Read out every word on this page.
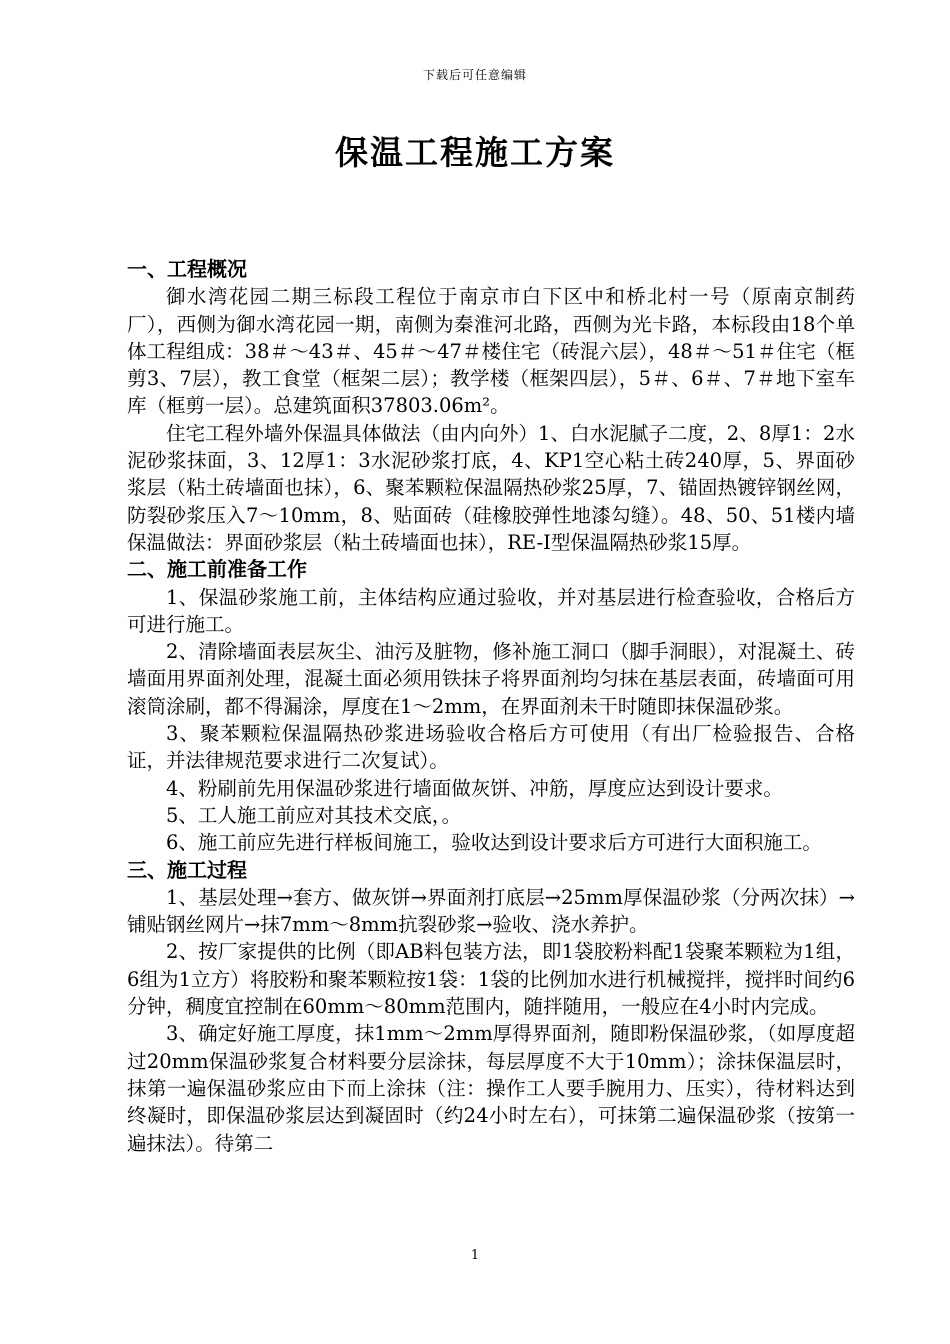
下载后可任意编辑
保温工程施工方案
一、工程概况

御水湾花园二期三标段工程位于南京市白下区中和桥北村一号（原南京制药厂），西侧为御水湾花园一期，南侧为秦淮河北路，西侧为光卡路，本标段由18个单体工程组成：38＃～43＃、45＃～47＃楼住宅（砖混六层），48＃～51＃住宅（框剪3、7层），教工食堂（框架二层）；教学楼（框架四层），5＃、6＃、7＃地下室车库（框剪一层）。总建筑面积37803.06m²。

住宅工程外墙外保温具体做法（由内向外）1、白水泥腻子二度，2、8厚1：2水泥砂浆抹面，3、12厚1：3水泥砂浆打底，4、KP1空心粘土砖240厚，5、界面砂浆层（粘土砖墙面也抹），6、聚苯颗粒保温隔热砂浆25厚，7、锚固热镀锌钢丝网，防裂砂浆压入7～10mm，8、贴面砖（硅橡胶弹性地漆勾缝）。48、50、51楼内墙保温做法：界面砂浆层（粘土砖墙面也抹），RE-Ⅰ型保温隔热砂浆15厚。

二、施工前准备工作

1、保温砂浆施工前，主体结构应通过验收，并对基层进行检查验收，合格后方可进行施工。

2、清除墙面表层灰尘、油污及脏物，修补施工洞口（脚手洞眼），对混凝土、砖墙面用界面剂处理，混凝土面必须用铁抹子将界面剂均匀抹在基层表面，砖墙面可用滚筒涂刷，都不得漏涂，厚度在1～2mm，在界面剂未干时随即抹保温砂浆。

3、聚苯颗粒保温隔热砂浆进场验收合格后方可使用（有出厂检验报告、合格证，并法律规范要求进行二次复试）。

4、粉刷前先用保温砂浆进行墙面做灰饼、冲筋，厚度应达到设计要求。

5、工人施工前应对其技术交底，。

6、施工前应先进行样板间施工，验收达到设计要求后方可进行大面积施工。

三、施工过程

1、基层处理→套方、做灰饼→界面剂打底层→25mm厚保温砂浆（分两次抹）→铺贴钢丝网片→抹7mm～8mm抗裂砂浆→验收、浇水养护。

2、按厂家提供的比例（即AB料包装方法，即1袋胶粉料配1袋聚苯颗粒为1组，6组为1立方）将胶粉和聚苯颗粒按1袋：1袋的比例加水进行机械搅拌，搅拌时间约6分钟，稠度宜控制在60mm～80mm范围内，随拌随用，一般应在4小时内完成。

3、确定好施工厚度，抹1mm～2mm厚得界面剂，随即粉保温砂浆，（如厚度超过20mm保温砂浆复合材料要分层涂抹，每层厚度不大于10mm）；涂抹保温层时，抹第一遍保温砂浆应由下而上涂抹（注：操作工人要手腕用力、压实），待材料达到终凝时，即保温砂浆层达到凝固时（约24小时左右），可抹第二遍保温砂浆（按第一遍抹法）。待第二

1
